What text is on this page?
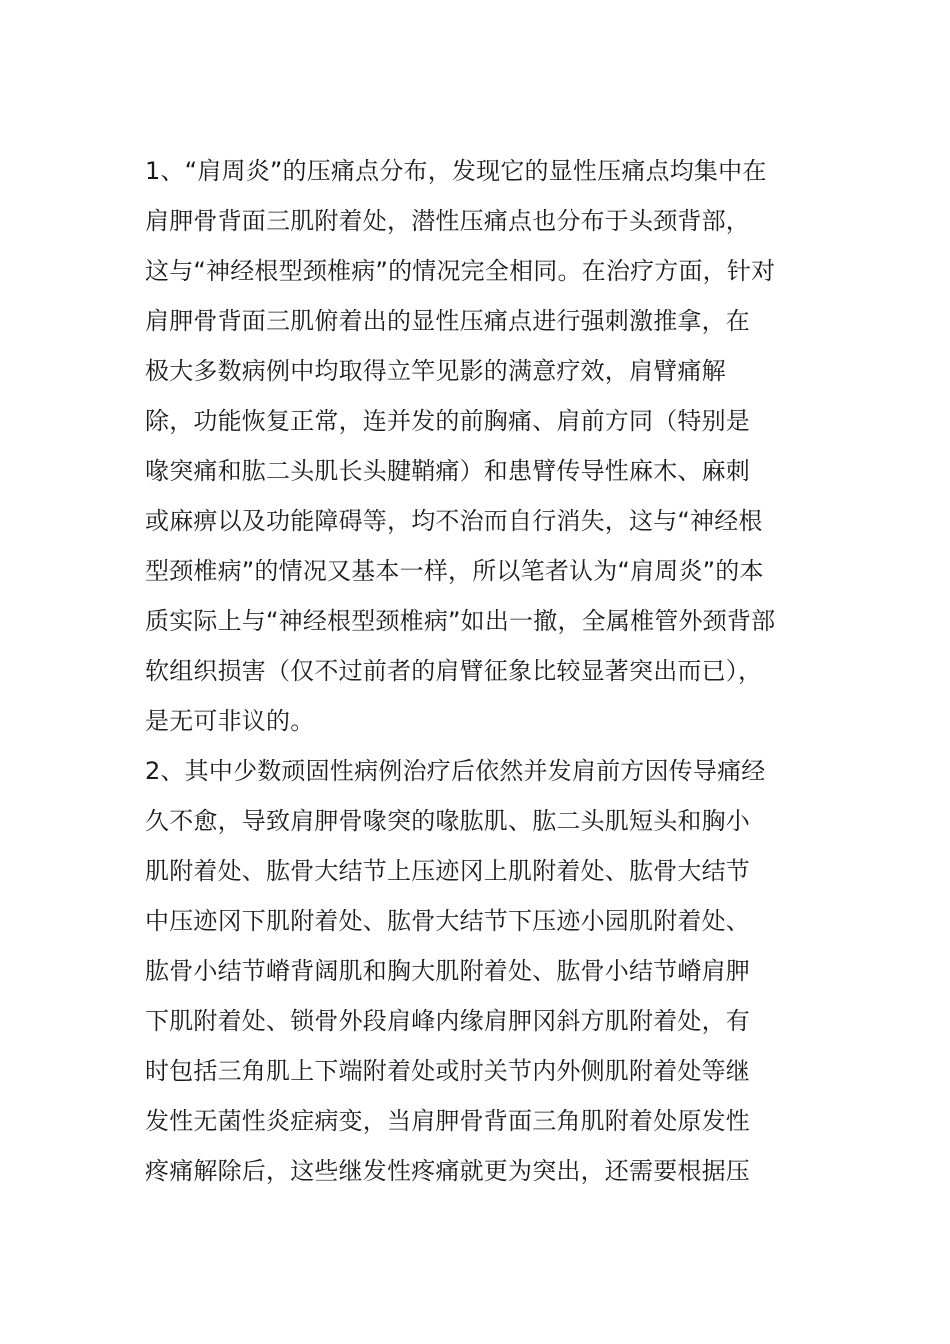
1、“肩周炎”的压痛点分布，发现它的显性压痛点均集中在
肩胛骨背面三肌附着处，潜性压痛点也分布于头颈背部，
这与“神经根型颈椎病”的情况完全相同。在治疗方面，针对
肩胛骨背面三肌俯着出的显性压痛点进行强刺激推拿，在
极大多数病例中均取得立竿见影的满意疗效，肩臂痛解
除，功能恢复正常，连并发的前胸痛、肩前方同（特别是
喙突痛和肱二头肌长头腱鞘痛）和患臂传导性麻木、麻刺
或麻痹以及功能障碍等，均不治而自行消失，这与“神经根
型颈椎病”的情况又基本一样，所以笔者认为“肩周炎”的本
质实际上与“神经根型颈椎病”如出一撤，全属椎管外颈背部
软组织损害（仅不过前者的肩臂征象比较显著突出而已），
是无可非议的。
2、其中少数顽固性病例治疗后依然并发肩前方因传导痛经
久不愈，导致肩胛骨喙突的喙肱肌、肱二头肌短头和胸小
肌附着处、肱骨大结节上压迹冈上肌附着处、肱骨大结节
中压迹冈下肌附着处、肱骨大结节下压迹小园肌附着处、
肱骨小结节嵴背阔肌和胸大肌附着处、肱骨小结节嵴肩胛
下肌附着处、锁骨外段肩峰内缘肩胛冈斜方肌附着处，有
时包括三角肌上下端附着处或肘关节内外侧肌附着处等继
发性无菌性炎症病变，当肩胛骨背面三角肌附着处原发性
疼痛解除后，这些继发性疼痛就更为突出，还需要根据压
